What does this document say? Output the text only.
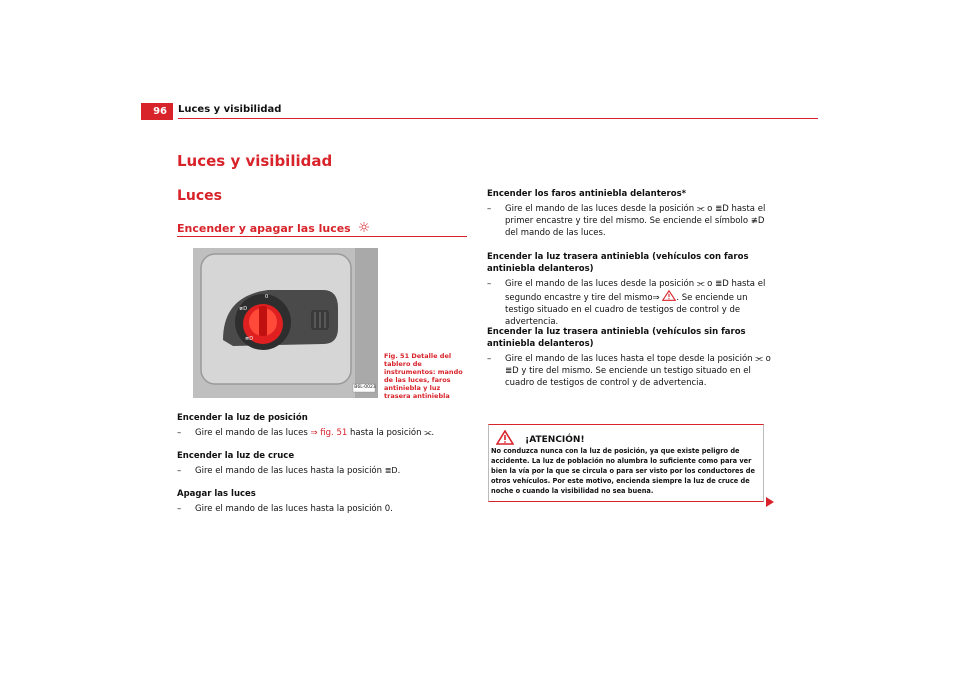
96	Luces y visibilidad
Luces y visibilidad
Luces
Encender y apagar las luces
0
≢D
≣D
B6L-0023
Fig. 51 Detalle del tablero de instrumentos: mando de las luces, faros antiniebla y luz trasera antiniebla
Encender la luz de posición
– Gire el mando de las luces ⇒ fig. 51 hasta la posición ⫘.
Encender la luz de cruce
– Gire el mando de las luces hasta la posición ≣D.
Apagar las luces
– Gire el mando de las luces hasta la posición 0.
Encender los faros antiniebla delanteros*
– Gire el mando de las luces desde la posición ⫘ o ≣D hasta el primer encastre y tire del mismo. Se enciende el símbolo ≢D del mando de las luces.
Encender la luz trasera antiniebla (vehículos con faros antiniebla delanteros)
– Gire el mando de las luces desde la posición ⫘ o ≣D hasta el segundo encastre y tire del mismo⇒ . Se enciende un testigo situado en el cuadro de testigos de control y de advertencia.
Encender la luz trasera antiniebla (vehículos sin faros antiniebla delanteros)
– Gire el mando de las luces hasta el tope desde la posición ⫘ o ≣D y tire del mismo. Se enciende un testigo situado en el cuadro de testigos de control y de advertencia.
¡ATENCIÓN!
No conduzca nunca con la luz de posición, ya que existe peligro de accidente. La luz de población no alumbra lo suficiente como para ver bien la vía por la que se circula o para ser visto por los conductores de otros vehículos. Por este motivo, encienda siempre la luz de cruce de noche o cuando la visibilidad no sea buena.
